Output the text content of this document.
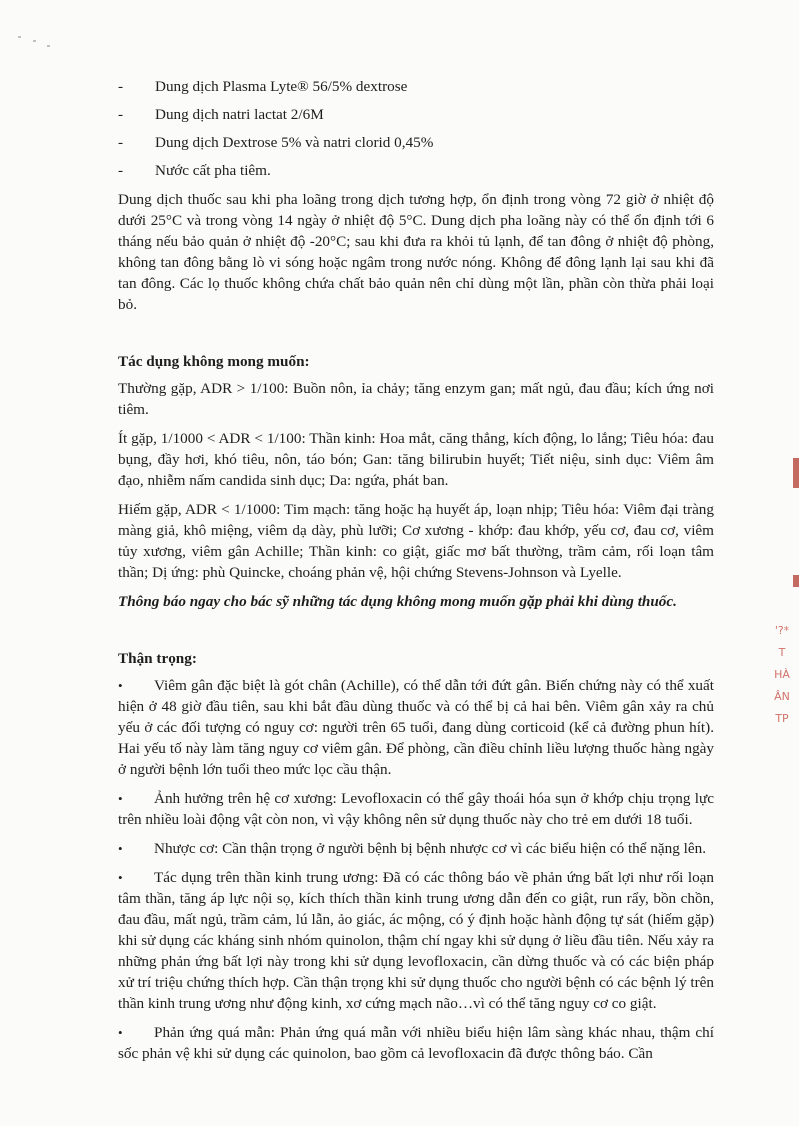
- Dung dịch Plasma Lyte® 56/5% dextrose
- Dung dịch natri lactat 2/6M
- Dung dịch Dextrose 5% và natri clorid 0,45%
- Nước cất pha tiêm.

Dung dịch thuốc sau khi pha loãng trong dịch tương hợp, ổn định trong vòng 72 giờ ở nhiệt độ dưới 25°C và trong vòng 14 ngày ở nhiệt độ 5°C. Dung dịch pha loãng này có thể ổn định tới 6 tháng nếu bảo quản ở nhiệt độ -20°C; sau khi đưa ra khỏi tủ lạnh, để tan đông ở nhiệt độ phòng, không tan đông bằng lò vi sóng hoặc ngâm trong nước nóng. Không để đông lạnh lại sau khi đã tan đông. Các lọ thuốc không chứa chất bảo quản nên chỉ dùng một lần, phần còn thừa phải loại bỏ.

Tác dụng không mong muốn:

Thường gặp, ADR > 1/100: Buồn nôn, ỉa chảy; tăng enzym gan; mất ngủ, đau đầu; kích ứng nơi tiêm.

Ít gặp, 1/1000 < ADR < 1/100: Thần kinh: Hoa mắt, căng thẳng, kích động, lo lắng; Tiêu hóa: đau bụng, đầy hơi, khó tiêu, nôn, táo bón; Gan: tăng bilirubin huyết; Tiết niệu, sinh dục: Viêm âm đạo, nhiễm nấm candida sinh dục; Da: ngứa, phát ban.

Hiếm gặp, ADR < 1/1000: Tim mạch: tăng hoặc hạ huyết áp, loạn nhịp; Tiêu hóa: Viêm đại tràng màng giả, khô miệng, viêm dạ dày, phù lưỡi; Cơ xương - khớp: đau khớp, yếu cơ, đau cơ, viêm tủy xương, viêm gân Achille; Thần kinh: co giật, giấc mơ bất thường, trầm cảm, rối loạn tâm thần; Dị ứng: phù Quincke, choáng phản vệ, hội chứng Stevens-Johnson và Lyelle.

Thông báo ngay cho bác sỹ những tác dụng không mong muốn gặp phải khi dùng thuốc.

Thận trọng:
• Viêm gân đặc biệt là gót chân (Achille), có thể dẫn tới đứt gân. Biến chứng này có thể xuất hiện ở 48 giờ đầu tiên, sau khi bắt đầu dùng thuốc và có thể bị cả hai bên. Viêm gân xảy ra chủ yếu ở các đối tượng có nguy cơ: người trên 65 tuổi, đang dùng corticoid (kể cả đường phun hít). Hai yếu tố này làm tăng nguy cơ viêm gân. Để phòng, cần điều chỉnh liều lượng thuốc hàng ngày ở người bệnh lớn tuổi theo mức lọc cầu thận.
• Ảnh hưởng trên hệ cơ xương: Levofloxacin có thể gây thoái hóa sụn ở khớp chịu trọng lực trên nhiều loài động vật còn non, vì vậy không nên sử dụng thuốc này cho trẻ em dưới 18 tuổi.
• Nhược cơ: Cần thận trọng ở người bệnh bị bệnh nhược cơ vì các biểu hiện có thể nặng lên.
• Tác dụng trên thần kinh trung ương: Đã có các thông báo về phản ứng bất lợi như rối loạn tâm thần, tăng áp lực nội sọ, kích thích thần kinh trung ương dẫn đến co giật, run rẩy, bồn chồn, đau đầu, mất ngủ, trầm cảm, lú lẫn, ảo giác, ác mộng, có ý định hoặc hành động tự sát (hiếm gặp) khi sử dụng các kháng sinh nhóm quinolon, thậm chí ngay khi sử dụng ở liều đầu tiên. Nếu xảy ra những phản ứng bất lợi này trong khi sử dụng levofloxacin, cần dừng thuốc và có các biện pháp xử trí triệu chứng thích hợp. Cần thận trọng khi sử dụng thuốc cho người bệnh có các bệnh lý trên thần kinh trung ương như động kinh, xơ cứng mạch não…vì có thể tăng nguy cơ co giật.
• Phản ứng quá mẫn: Phản ứng quá mẫn với nhiều biểu hiện lâm sàng khác nhau, thậm chí sốc phản vệ khi sử dụng các quinolon, bao gồm cả levofloxacin đã được thông báo. Cần
'?*
T
HÀ
ÂN
TP
